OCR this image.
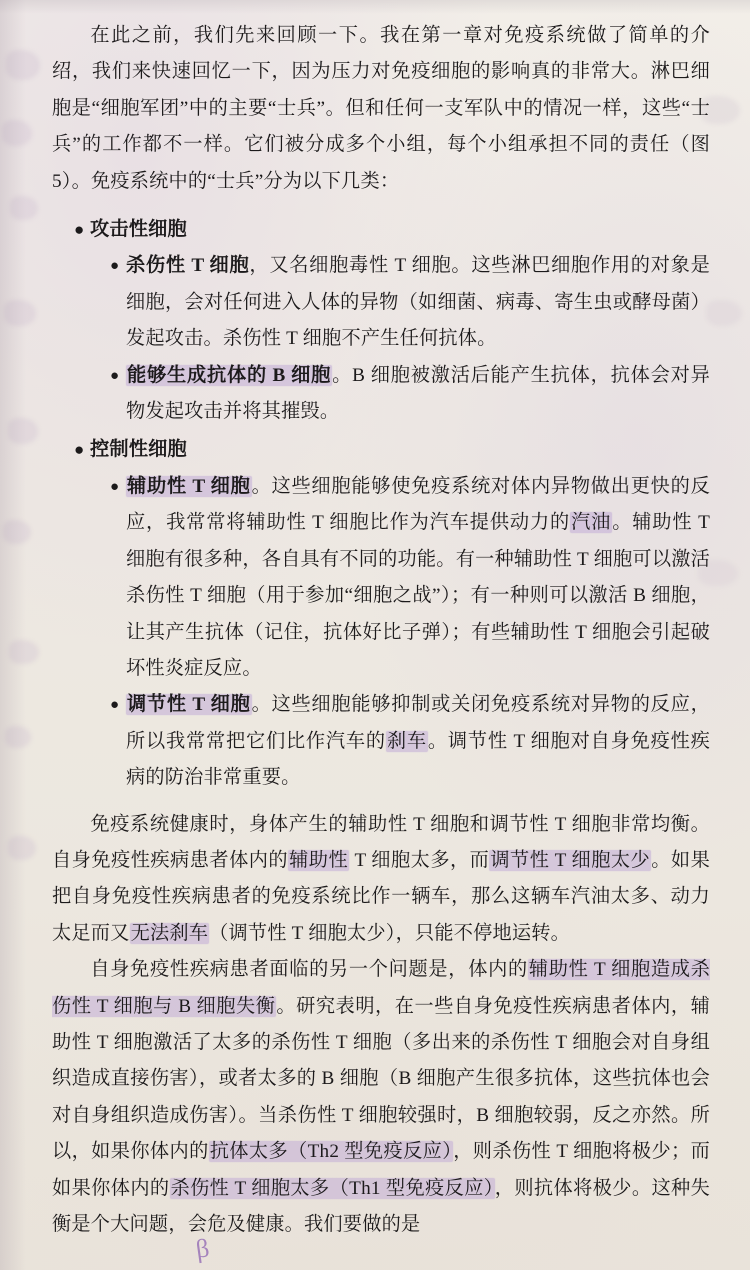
在此之前，我们先来回顾一下。我在第一章对免疫系统做了简单的介绍，我们来快速回忆一下，因为压力对免疫细胞的影响真的非常大。淋巴细胞是“细胞军团”中的主要“士兵”。但和任何一支军队中的情况一样，这些“士兵”的工作都不一样。它们被分成多个小组，每个小组承担不同的责任（图 5）。免疫系统中的“士兵”分为以下几类：

● 攻击性细胞
● 杀伤性 T 细胞，又名细胞毒性 T 细胞。这些淋巴细胞作用的对象是细胞，会对任何进入人体的异物（如细菌、病毒、寄生虫或酵母菌）发起攻击。杀伤性 T 细胞不产生任何抗体。
● 能够生成抗体的 B 细胞。B 细胞被激活后能产生抗体，抗体会对异物发起攻击并将其摧毁。
● 控制性细胞
● 辅助性 T 细胞。这些细胞能够使免疫系统对体内异物做出更快的反应，我常常将辅助性 T 细胞比作为汽车提供动力的汽油。辅助性 T 细胞有很多种，各自具有不同的功能。有一种辅助性 T 细胞可以激活杀伤性 T 细胞（用于参加“细胞之战”）；有一种则可以激活 B 细胞，让其产生抗体（记住，抗体好比子弹）；有些辅助性 T 细胞会引起破坏性炎症反应。
● 调节性 T 细胞。这些细胞能够抑制或关闭免疫系统对异物的反应，所以我常常把它们比作汽车的刹车。调节性 T 细胞对自身免疫性疾病的防治非常重要。

免疫系统健康时，身体产生的辅助性 T 细胞和调节性 T 细胞非常均衡。自身免疫性疾病患者体内的辅助性 T 细胞太多，而调节性 T 细胞太少。如果把自身免疫性疾病患者的免疫系统比作一辆车，那么这辆车汽油太多、动力太足而又无法刹车（调节性 T 细胞太少），只能不停地运转。

自身免疫性疾病患者面临的另一个问题是，体内的辅助性 T 细胞造成杀伤性 T 细胞与 B 细胞失衡。研究表明，在一些自身免疫性疾病患者体内，辅助性 T 细胞激活了太多的杀伤性 T 细胞（多出来的杀伤性 T 细胞会对自身组织造成直接伤害），或者太多的 B 细胞（B 细胞产生很多抗体，这些抗体也会对自身组织造成伤害）。当杀伤性 T 细胞较强时，B 细胞较弱，反之亦然。所以，如果你体内的抗体太多（Th2 型免疫反应），则杀伤性 T 细胞将极少；而如果你体内的杀伤性 T 细胞太多（Th1 型免疫反应），则抗体将极少。这种失衡是个大问题，会危及健康。我们要做的是

β
